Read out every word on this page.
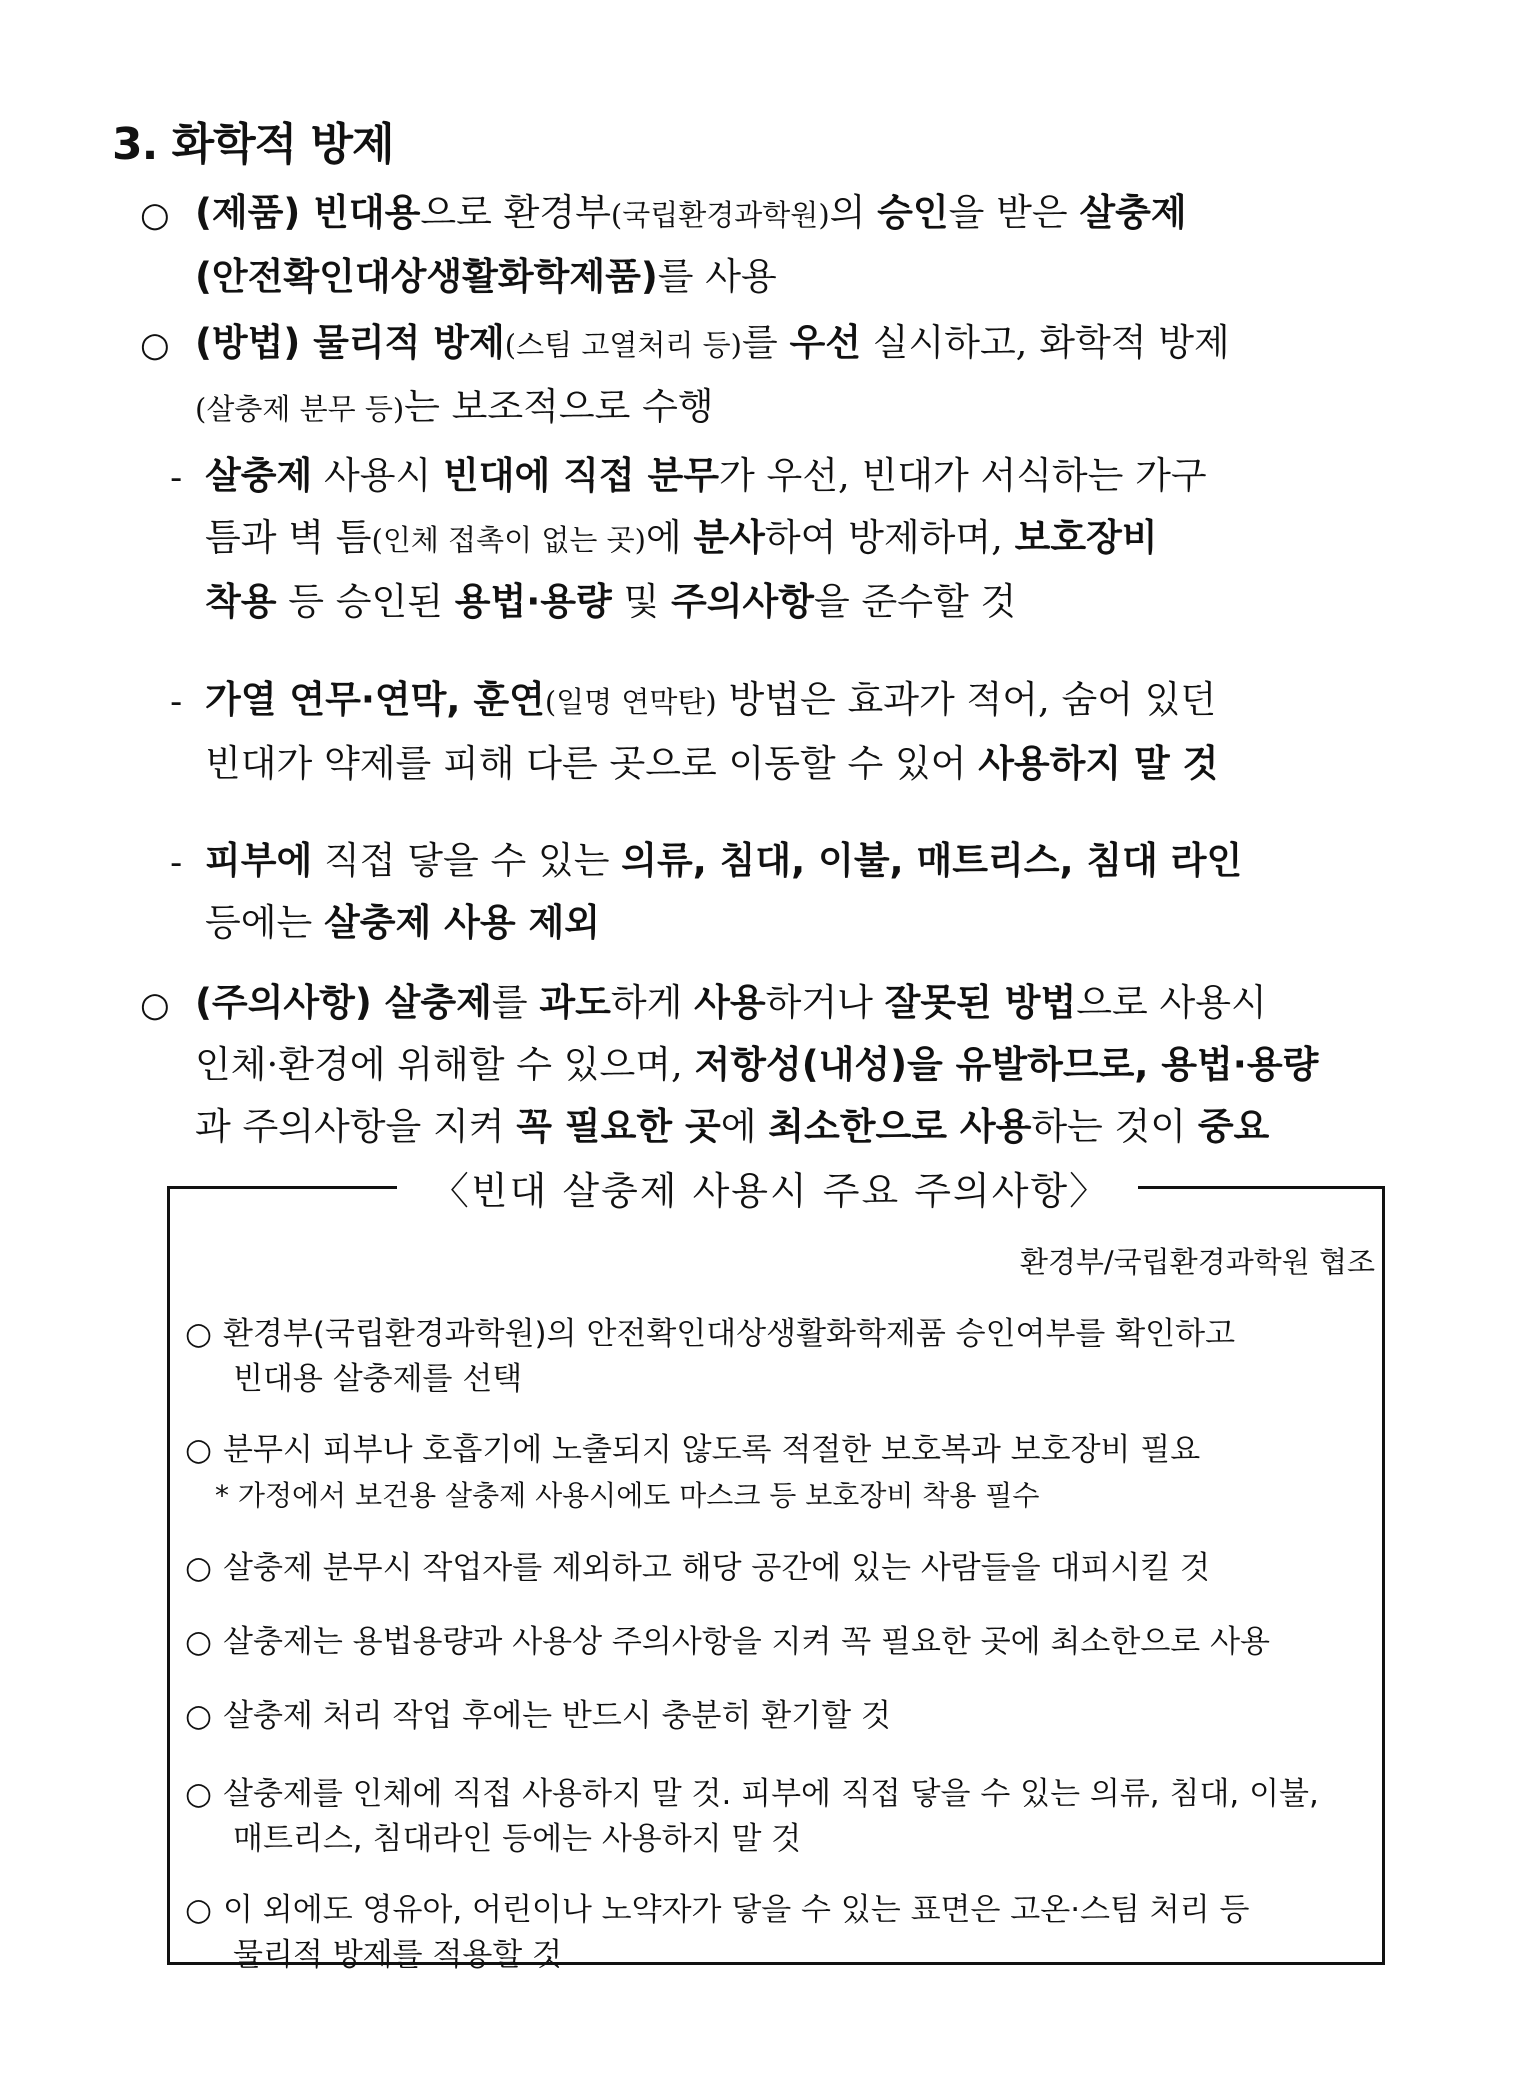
3. 화학적 방제
○ (제품) 빈대용으로 환경부(국립환경과학원)의 승인을 받은 살충제
(안전확인대상생활화학제품)를 사용
○ (방법) 물리적 방제(스팀 고열처리 등)를 우선 실시하고, 화학적 방제
(살충제 분무 등)는 보조적으로 수행
- 살충제 사용시 빈대에 직접 분무가 우선, 빈대가 서식하는 가구
틈과 벽 틈(인체 접촉이 없는 곳)에 분사하여 방제하며, 보호장비
착용 등 승인된 용법·용량 및 주의사항을 준수할 것
- 가열 연무·연막, 훈연(일명 연막탄) 방법은 효과가 적어, 숨어 있던
빈대가 약제를 피해 다른 곳으로 이동할 수 있어 사용하지 말 것
- 피부에 직접 닿을 수 있는 의류, 침대, 이불, 매트리스, 침대 라인
등에는 살충제 사용 제외
○ (주의사항) 살충제를 과도하게 사용하거나 잘못된 방법으로 사용시
인체·환경에 위해할 수 있으며, 저항성(내성)을 유발하므로, 용법·용량
과 주의사항을 지켜 꼭 필요한 곳에 최소한으로 사용하는 것이 중요
〈빈대 살충제 사용시 주요 주의사항〉
환경부/국립환경과학원 협조
○ 환경부(국립환경과학원)의 안전확인대상생활화학제품 승인여부를 확인하고
빈대용 살충제를 선택
○ 분무시 피부나 호흡기에 노출되지 않도록 적절한 보호복과 보호장비 필요
* 가정에서 보건용 살충제 사용시에도 마스크 등 보호장비 착용 필수
○ 살충제 분무시 작업자를 제외하고 해당 공간에 있는 사람들을 대피시킬 것
○ 살충제는 용법용량과 사용상 주의사항을 지켜 꼭 필요한 곳에 최소한으로 사용
○ 살충제 처리 작업 후에는 반드시 충분히 환기할 것
○ 살충제를 인체에 직접 사용하지 말 것. 피부에 직접 닿을 수 있는 의류, 침대, 이불,
매트리스, 침대라인 등에는 사용하지 말 것
○ 이 외에도 영유아, 어린이나 노약자가 닿을 수 있는 표면은 고온·스팀 처리 등
물리적 방제를 적용할 것
